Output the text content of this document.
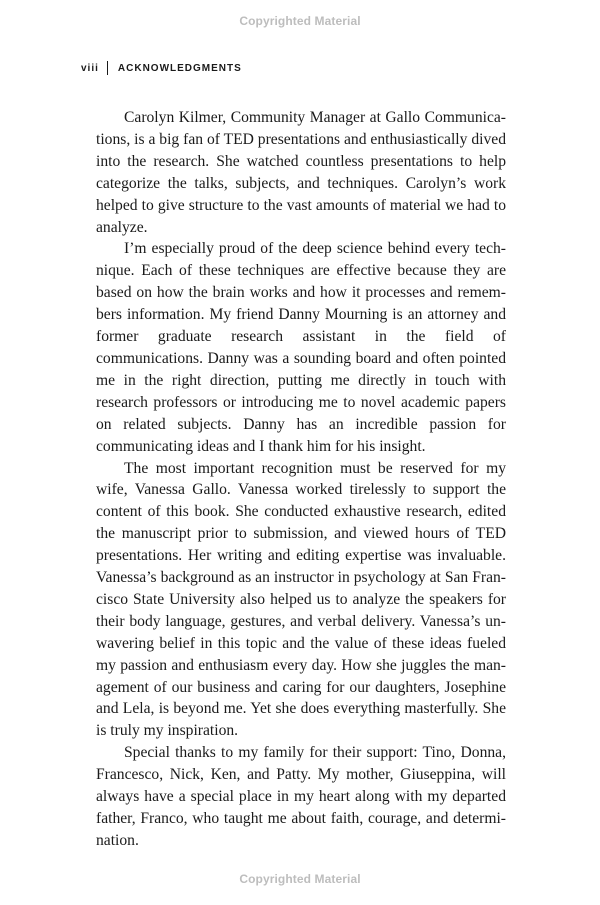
Copyrighted Material
viii ACKNOWLEDGMENTS

Carolyn Kilmer, Community Manager at Gallo Communications, is a big fan of TED presentations and enthusiastically dived into the research. She watched countless presentations to help categorize the talks, subjects, and techniques. Carolyn’s work helped to give structure to the vast amounts of material we had to analyze.

I’m especially proud of the deep science behind every technique. Each of these techniques are effective because they are based on how the brain works and how it processes and remembers information. My friend Danny Mourning is an attorney and former graduate research assistant in the field of communications. Danny was a sounding board and often pointed me in the right direction, putting me directly in touch with research professors or introducing me to novel academic papers on related subjects. Danny has an incredible passion for communicating ideas and I thank him for his insight.

The most important recognition must be reserved for my wife, Vanessa Gallo. Vanessa worked tirelessly to support the content of this book. She conducted exhaustive research, edited the manuscript prior to submission, and viewed hours of TED presentations. Her writing and editing expertise was invaluable. Vanessa’s background as an instructor in psychology at San Francisco State University also helped us to analyze the speakers for their body language, gestures, and verbal delivery. Vanessa’s unwavering belief in this topic and the value of these ideas fueled my passion and enthusiasm every day. How she juggles the management of our business and caring for our daughters, Josephine and Lela, is beyond me. Yet she does everything masterfully. She is truly my inspiration.

Special thanks to my family for their support: Tino, Donna, Francesco, Nick, Ken, and Patty. My mother, Giuseppina, will always have a special place in my heart along with my departed father, Franco, who taught me about faith, courage, and determination.

Copyrighted Material
